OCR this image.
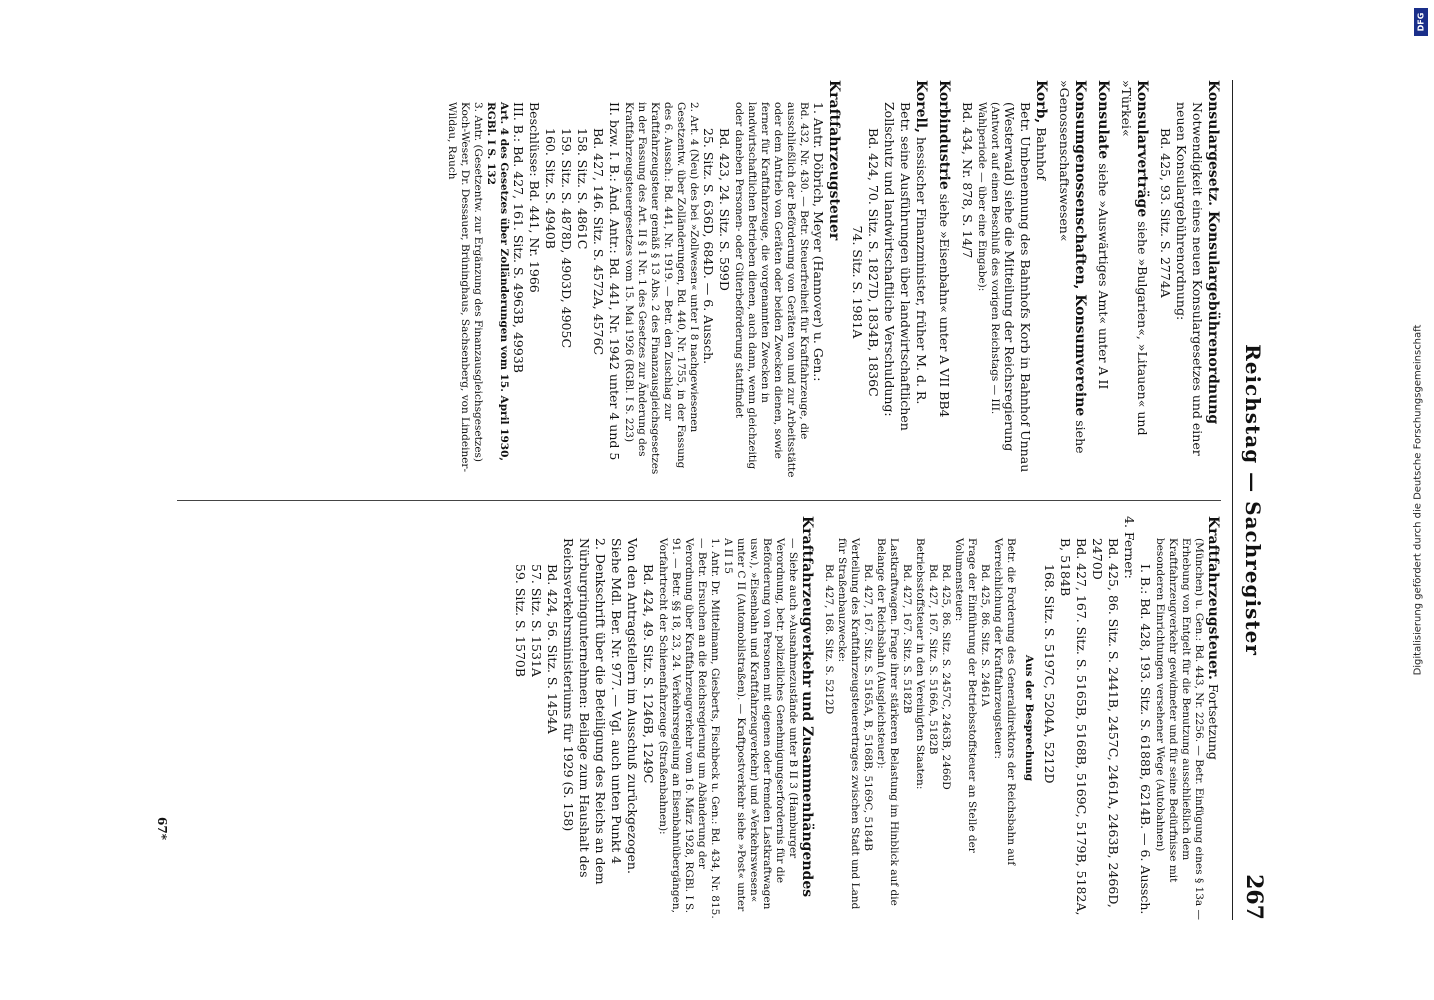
Reichstag — Sachregister
267
Konsulargesetz. Konsulargebührenordnung
Notwendigkeit eines neuen Konsulargesetzes und einer neuen Konsulargebührenordnung:
Bd. 425, 93. Sitz. S. 2774A
Konsularverträge siehe »Bulgarien«, »Litauen« und »Türkei«
Konsulate siehe »Auswärtiges Amt« unter A II
Konsumgenossenschaften, Konsumvereine siehe »Genossenschaftswesen«
Korb, Bahnhof
Betr. Umbenennung des Bahnhofs Korb in Bahnhof Unnau (Westerwald) siehe die Mitteilung der Reichsregierung
(Antwort auf einen Beschluß des vorigen Reichstags — III. Wahlperiode — über eine Eingabe):
Bd. 434, Nr. 878, S. 14/7
Korbindustrie siehe »Eisenbahn« unter A VII BB4
Korell, hessischer Finanzminister, früher M. d. R.
Betr. seine Ausführungen über landwirtschaftlichen Zollschutz und landwirtschaftliche Verschuldung:
Bd. 424, 70. Sitz. S. 1827D, 1834B, 1836C
74. Sitz. S. 1981A
Kraftfahrzeugsteuer
1. Antr. Döbrich, Meyer (Hannover) u. Gen.:
Bd. 432, Nr. 430. — Betr. Steuerfreiheit für Kraftfahrzeuge, die ausschließlich der Beförderung von Geräten von und zur Arbeitsstätte oder dem Antrieb von Geräten oder beiden Zwecken dienen, sowie ferner für Kraftfahrzeuge, die vorgenannten Zwecken in landwirtschaftlichen Betrieben dienen, auch dann, wenn gleichzeitig oder daneben Personen- oder Güterbeförderung stattfindet
Bd. 423, 24. Sitz. S. 599D
25. Sitz. S. 636D, 684D. — 6. Aussch.
2. Art. 4 (Neu) des bei »Zollwesen« unter I 8 nachgewiesenen Gesetzentw. über Zolländerungen, Bd. 440, Nr. 1755, in der Fassung des 6. Aussch.: Bd. 441, Nr. 1919. — Betr. den Zuschlag zur Kraftfahrzeugsteuer gemäß § 13 Abs. 2 des Finanzausgleichsgesetzes in der Fassung des Art. II § 1 Nr. 1 des Gesetzes zur Änderung des Kraftfahrzeugsteuergesetzes vom 15. Mai 1926 (RGBl. I S. 223)
II. bzw. I. B.: Änd. Antr.: Bd. 441, Nr. 1942 unter 4 und 5
Bd. 427, 146. Sitz. S. 4572A, 4576C
158. Sitz. S. 4861C
159. Sitz. S. 4878D, 4903D, 4905C
160. Sitz. S. 4940B
Beschlüsse: Bd. 441, Nr. 1966
III. B.: Bd. 427, 161. Sitz. S. 4963B, 4993B
Art. 4 des Gesetzes über Zolländerungen vom 15. April 1930, RGBl. I S. 132
3. Antr. (Gesetzentw. zur Ergänzung des Finanzausgleichsgesetzes) Koch-Weser, Dr. Dessauer, Brüninghaus, Sachsenberg, von Lindeiner-Wildau, Rauch
Kraftfahrzeugsteuer. Fortsetzung
(München) u. Gen.: Bd. 443, Nr. 2256. — Betr. Einfügung eines § 13a — Erhebung von Entgelt für die Benutzung ausschließlich dem Kraftfahrzeugverkehr gewidmeter und für seine Bedürfnisse mit besonderen Einrichtungen versehener Wege (Autobahnen)
I. B.: Bd. 428, 193. Sitz. S. 6188B, 6214B. — 6. Aussch.
4. Ferner:
Bd. 425, 86. Sitz. S. 2441B, 2457C, 2461A, 2463B, 2466D, 2470D
Bd. 427, 167. Sitz. S. 5165B, 5168B, 5169C, 5179B, 5182A, B, 5184B
168. Sitz. S. 5197C, 5204A, 5212D
Aus der Besprechung
Betr. die Forderung des Generaldirektors der Reichsbahn auf Verreichlichung der Kraftfahrzeugsteuer:
Bd. 425, 86. Sitz. S. 2461A
Frage der Einführung der Betriebsstoffsteuer an Stelle der Volumensteuer:
Bd. 425, 86. Sitz. S. 2457C, 2463B, 2466D
Bd. 427, 167. Sitz. S. 5166A, 5182B
Betriebsstoffsteuer in den Vereinigten Staaten:
Bd. 427, 167. Sitz. S. 5182B
Lastkraftwagen. Frage ihrer stärkeren Belastung im Hinblick auf die Belange der Reichsbahn (Ausgleichsteuer):
Bd. 427, 167. Sitz. S. 5165A, B, 5168B, 5169C, 5184B
Verteilung des Kraftfahrzeugsteuerertrages zwischen Stadt und Land für Straßenbauzwecke:
Bd. 427, 168. Sitz. S. 5212D
Kraftfahrzeugverkehr und Zusammenhängendes
— Siehe auch »Ausnahmezustände unter B II 3 (Hamburger Verordnung, betr. polizeiliches Genehmigungserfordernis für die Beförderung von Personen mit eigenen oder fremden Lastkraftwagen usw.), »Eisenbahn und Kraftfahrzeugverkehr) und »Verkehrswesen« unter C II (Automobilstraßen). — Kraftpostverkehr siehe »Post« unter A II 15
1. Antr. Dr. Mittelmann, Giesberts, Fischbeck u. Gen.: Bd. 434, Nr. 815. — Betr. Ersuchen an die Reichsregierung um Abänderung der Verordnung über Kraftfahrzeugverkehr vom 16. März 1928, RGBl. I S. 91. — Betr. §§ 18, 23, 24. Verkehrsregelung an Eisenbahnübergängen, Vorfahrtrecht der Schienenfahrzeuge (Straßenbahnen):
Bd. 424, 49. Sitz. S. 1246B, 1249C
Von den Antragstellern im Ausschuß zurückgezogen.
Siehe Mdl. Ber. Nr. 977. — Vgl. auch unten Punkt 4
2. Denkschrift über die Beteiligung des Reichs an dem Nürburgringunternehmen: Beilage zum Haushalt des Reichsverkehrsministeriums für 1929 (S. 158)
Bd. 424, 56. Sitz. S. 1454A
57. Sitz. S. 1531A
59. Sitz. S. 1570B
67*
DFG
Digitalisierung gefördert durch die Deutsche Forschungsgemeinschaft
